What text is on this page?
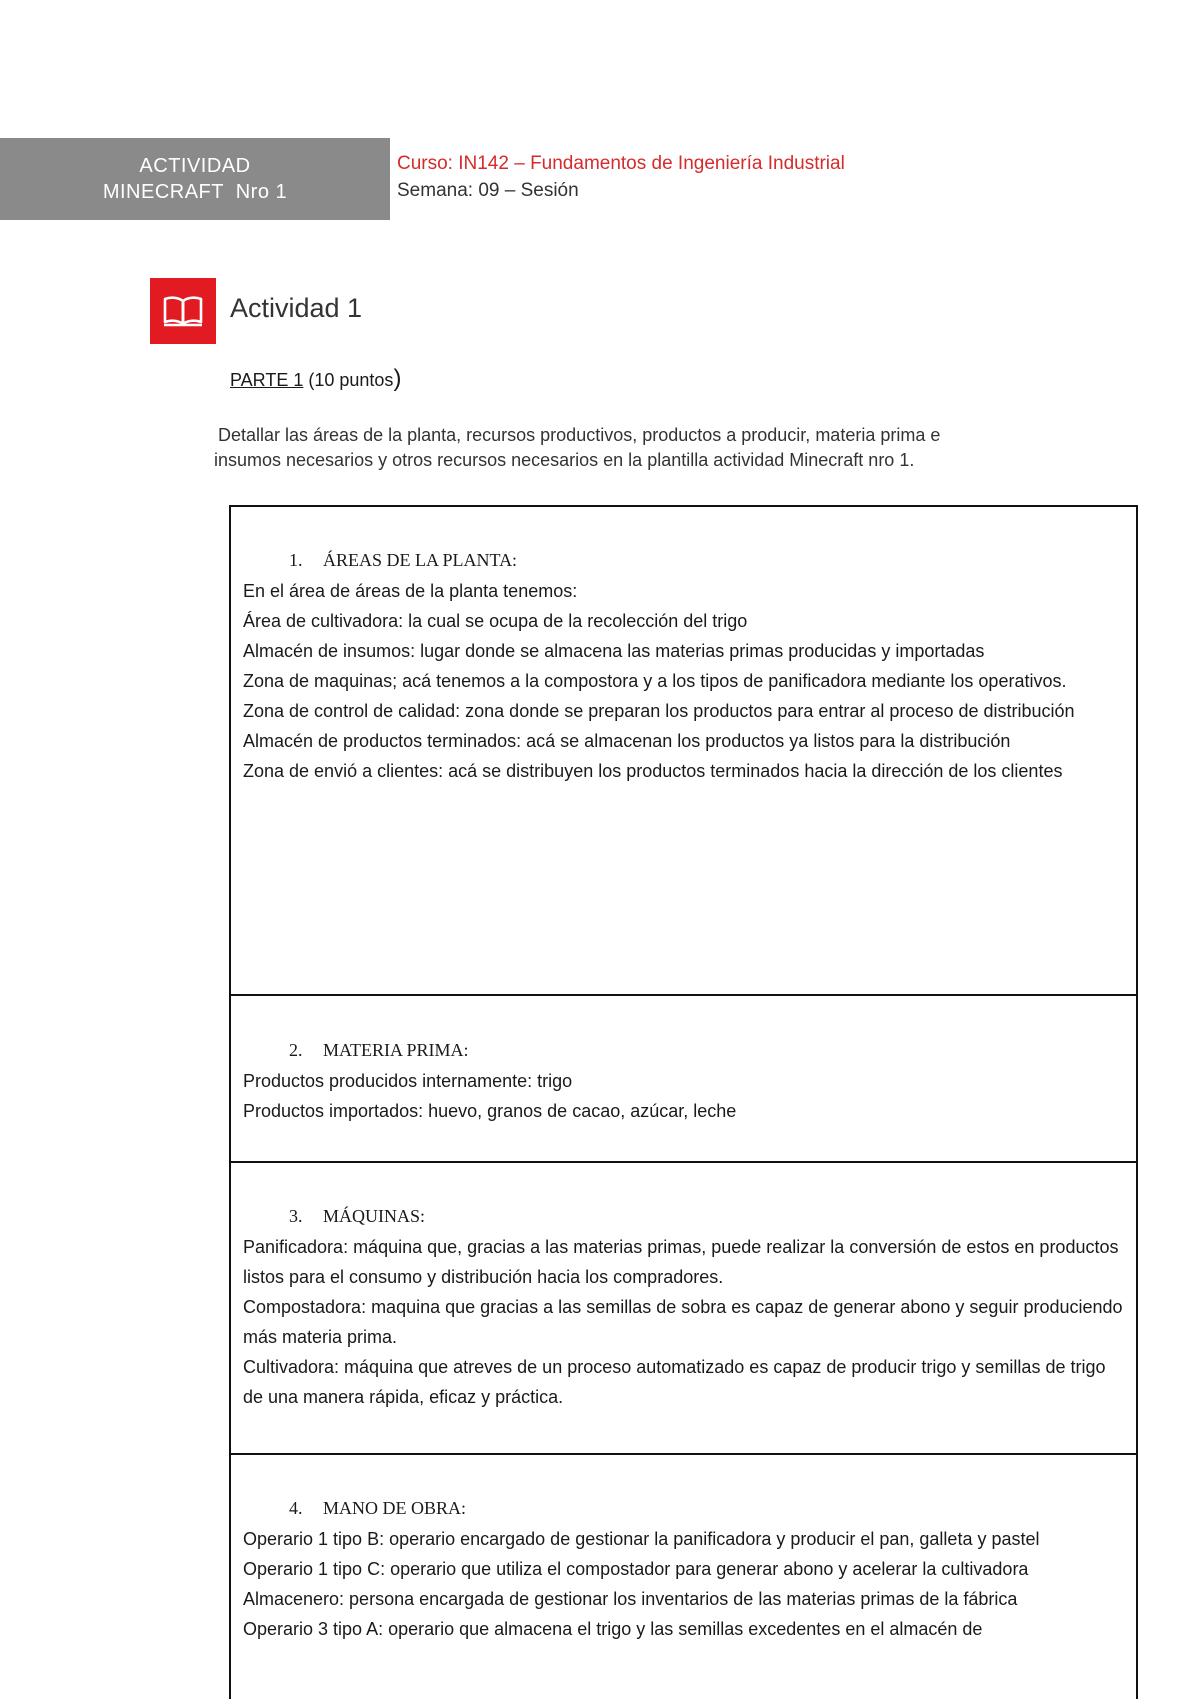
ACTIVIDAD
MINECRAFT  Nro 1
Curso: IN142 – Fundamentos de Ingeniería Industrial
Semana: 09 – Sesión
Actividad 1
PARTE 1 (10 puntos)
Detallar las áreas de la planta, recursos productivos, productos a producir, materia prima e
insumos necesarios y otros recursos necesarios en la plantilla actividad Minecraft nro 1.
1. ÁREAS DE LA PLANTA:

En el área de áreas de la planta tenemos:

Área de cultivadora: la cual se ocupa de la recolección del trigo

Almacén de insumos: lugar donde se almacena las materias primas producidas y importadas

Zona de maquinas; acá tenemos a la compostora y a los tipos de panificadora mediante los operativos.

Zona de control de calidad: zona donde se preparan los productos para entrar al proceso de distribución

Almacén de productos terminados: acá se almacenan los productos ya listos para la distribución

Zona de envió a clientes: acá se distribuyen los productos terminados hacia la dirección de los clientes

2. MATERIA PRIMA:

Productos producidos internamente: trigo

Productos importados: huevo, granos de cacao, azúcar, leche

3. MÁQUINAS:

Panificadora: máquina que, gracias a las materias primas, puede realizar la conversión de estos en productos listos para el consumo y distribución hacia los compradores.

Compostadora: maquina que gracias a las semillas de sobra es capaz de generar abono y seguir produciendo más materia prima.

Cultivadora: máquina que atreves de un proceso automatizado es capaz de producir trigo y semillas de trigo de una manera rápida, eficaz y práctica.

4. MANO DE OBRA:

Operario 1 tipo B: operario encargado de gestionar la panificadora y producir el pan, galleta y pastel

Operario 1 tipo C: operario que utiliza el compostador para generar abono y acelerar la cultivadora

Almacenero: persona encargada de gestionar los inventarios de las materias primas de la fábrica

Operario 3 tipo A: operario que almacena el trigo y las semillas excedentes en el almacén de
